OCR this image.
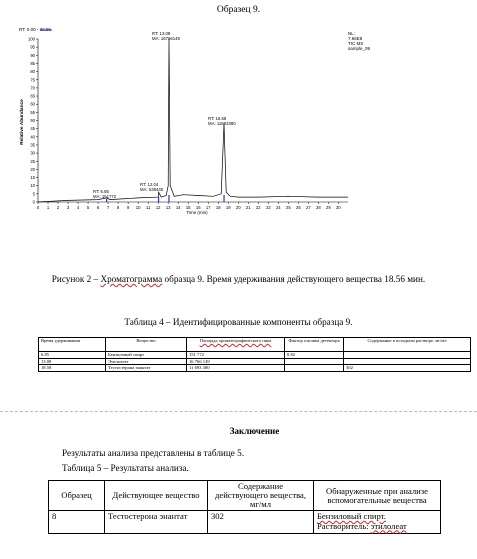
Образец 9.
RT: 0.00 - 30.96
NL:
7.66E8
TIC MS
sample_09
Relative Abundance
Time (min)
0
5
10
15
20
25
30
35
40
45
50
55
60
65
70
75
80
85
90
95
100
0 1 2 3 4 5 6 7 8 9 10 11 12 13 14 15 16 17 18 19 20 21 22 23 24 25 26 27 28 29 30
RT: 6.85
MA: 151772
RT: 12.04
MA: 538445
RT: 13.08
MA: 16766149
RT: 18.58
MA: 11693380
Рисунок 2 – Хроматограмма образца 9. Время удерживания действующего вещества 18.56 мин.
Таблица 4 – Идентифицированные компоненты образца 9.
Время удерживания	Вещество	Площадь хроматографического пика	Фактор отклика детектора	Содержание в исходном растворе, мг/мл
6.85	Бензиловый спирт	151 772	0.82	
13.08	Этилолеат	16 766 149		
18.58	Тестостерона энантат	11 693 380		302
Заключение
Результаты анализа представлены в таблице 5.
Таблица 5 – Результаты анализа.
Образец	Действующее вещество	Содержание действующего вещества, мг/мл	Обнаруженные при анализе вспомогательные вещества
8	Тестостерона энантат	302	Бензиловый спирт.
Растворитель: этилолеат
